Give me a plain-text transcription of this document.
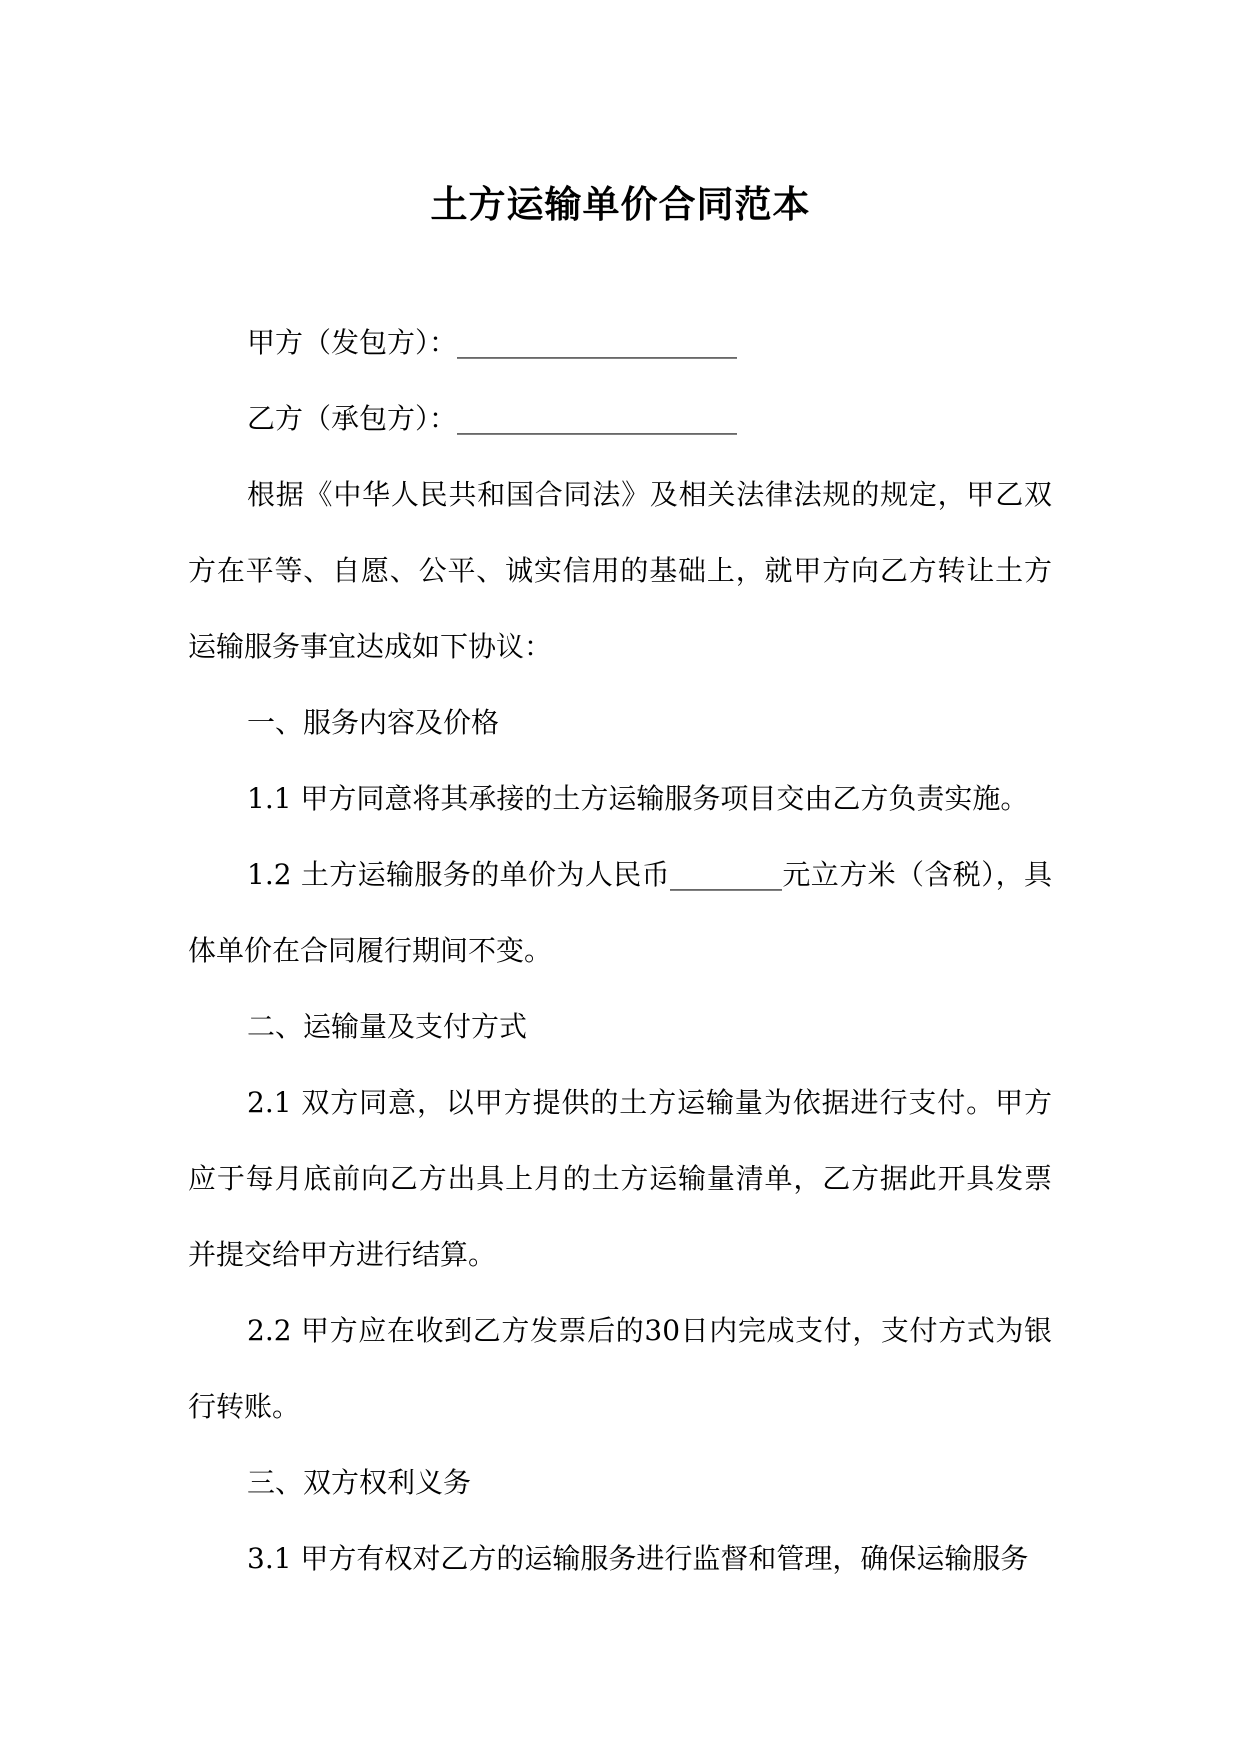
土方运输单价合同范本

甲方（发包方）：____________________

乙方（承包方）：____________________

根据《中华人民共和国合同法》及相关法律法规的规定，甲乙双方在平等、自愿、公平、诚实信用的基础上，就甲方向乙方转让土方运输服务事宜达成如下协议：

一、服务内容及价格

1.1 甲方同意将其承接的土方运输服务项目交由乙方负责实施。

1.2 土方运输服务的单价为人民币________元立方米（含税），具体单价在合同履行期间不变。

二、运输量及支付方式

2.1 双方同意，以甲方提供的土方运输量为依据进行支付。甲方应于每月底前向乙方出具上月的土方运输量清单，乙方据此开具发票并提交给甲方进行结算。

2.2 甲方应在收到乙方发票后的30日内完成支付，支付方式为银行转账。

三、双方权利义务

3.1 甲方有权对乙方的运输服务进行监督和管理，确保运输服务
